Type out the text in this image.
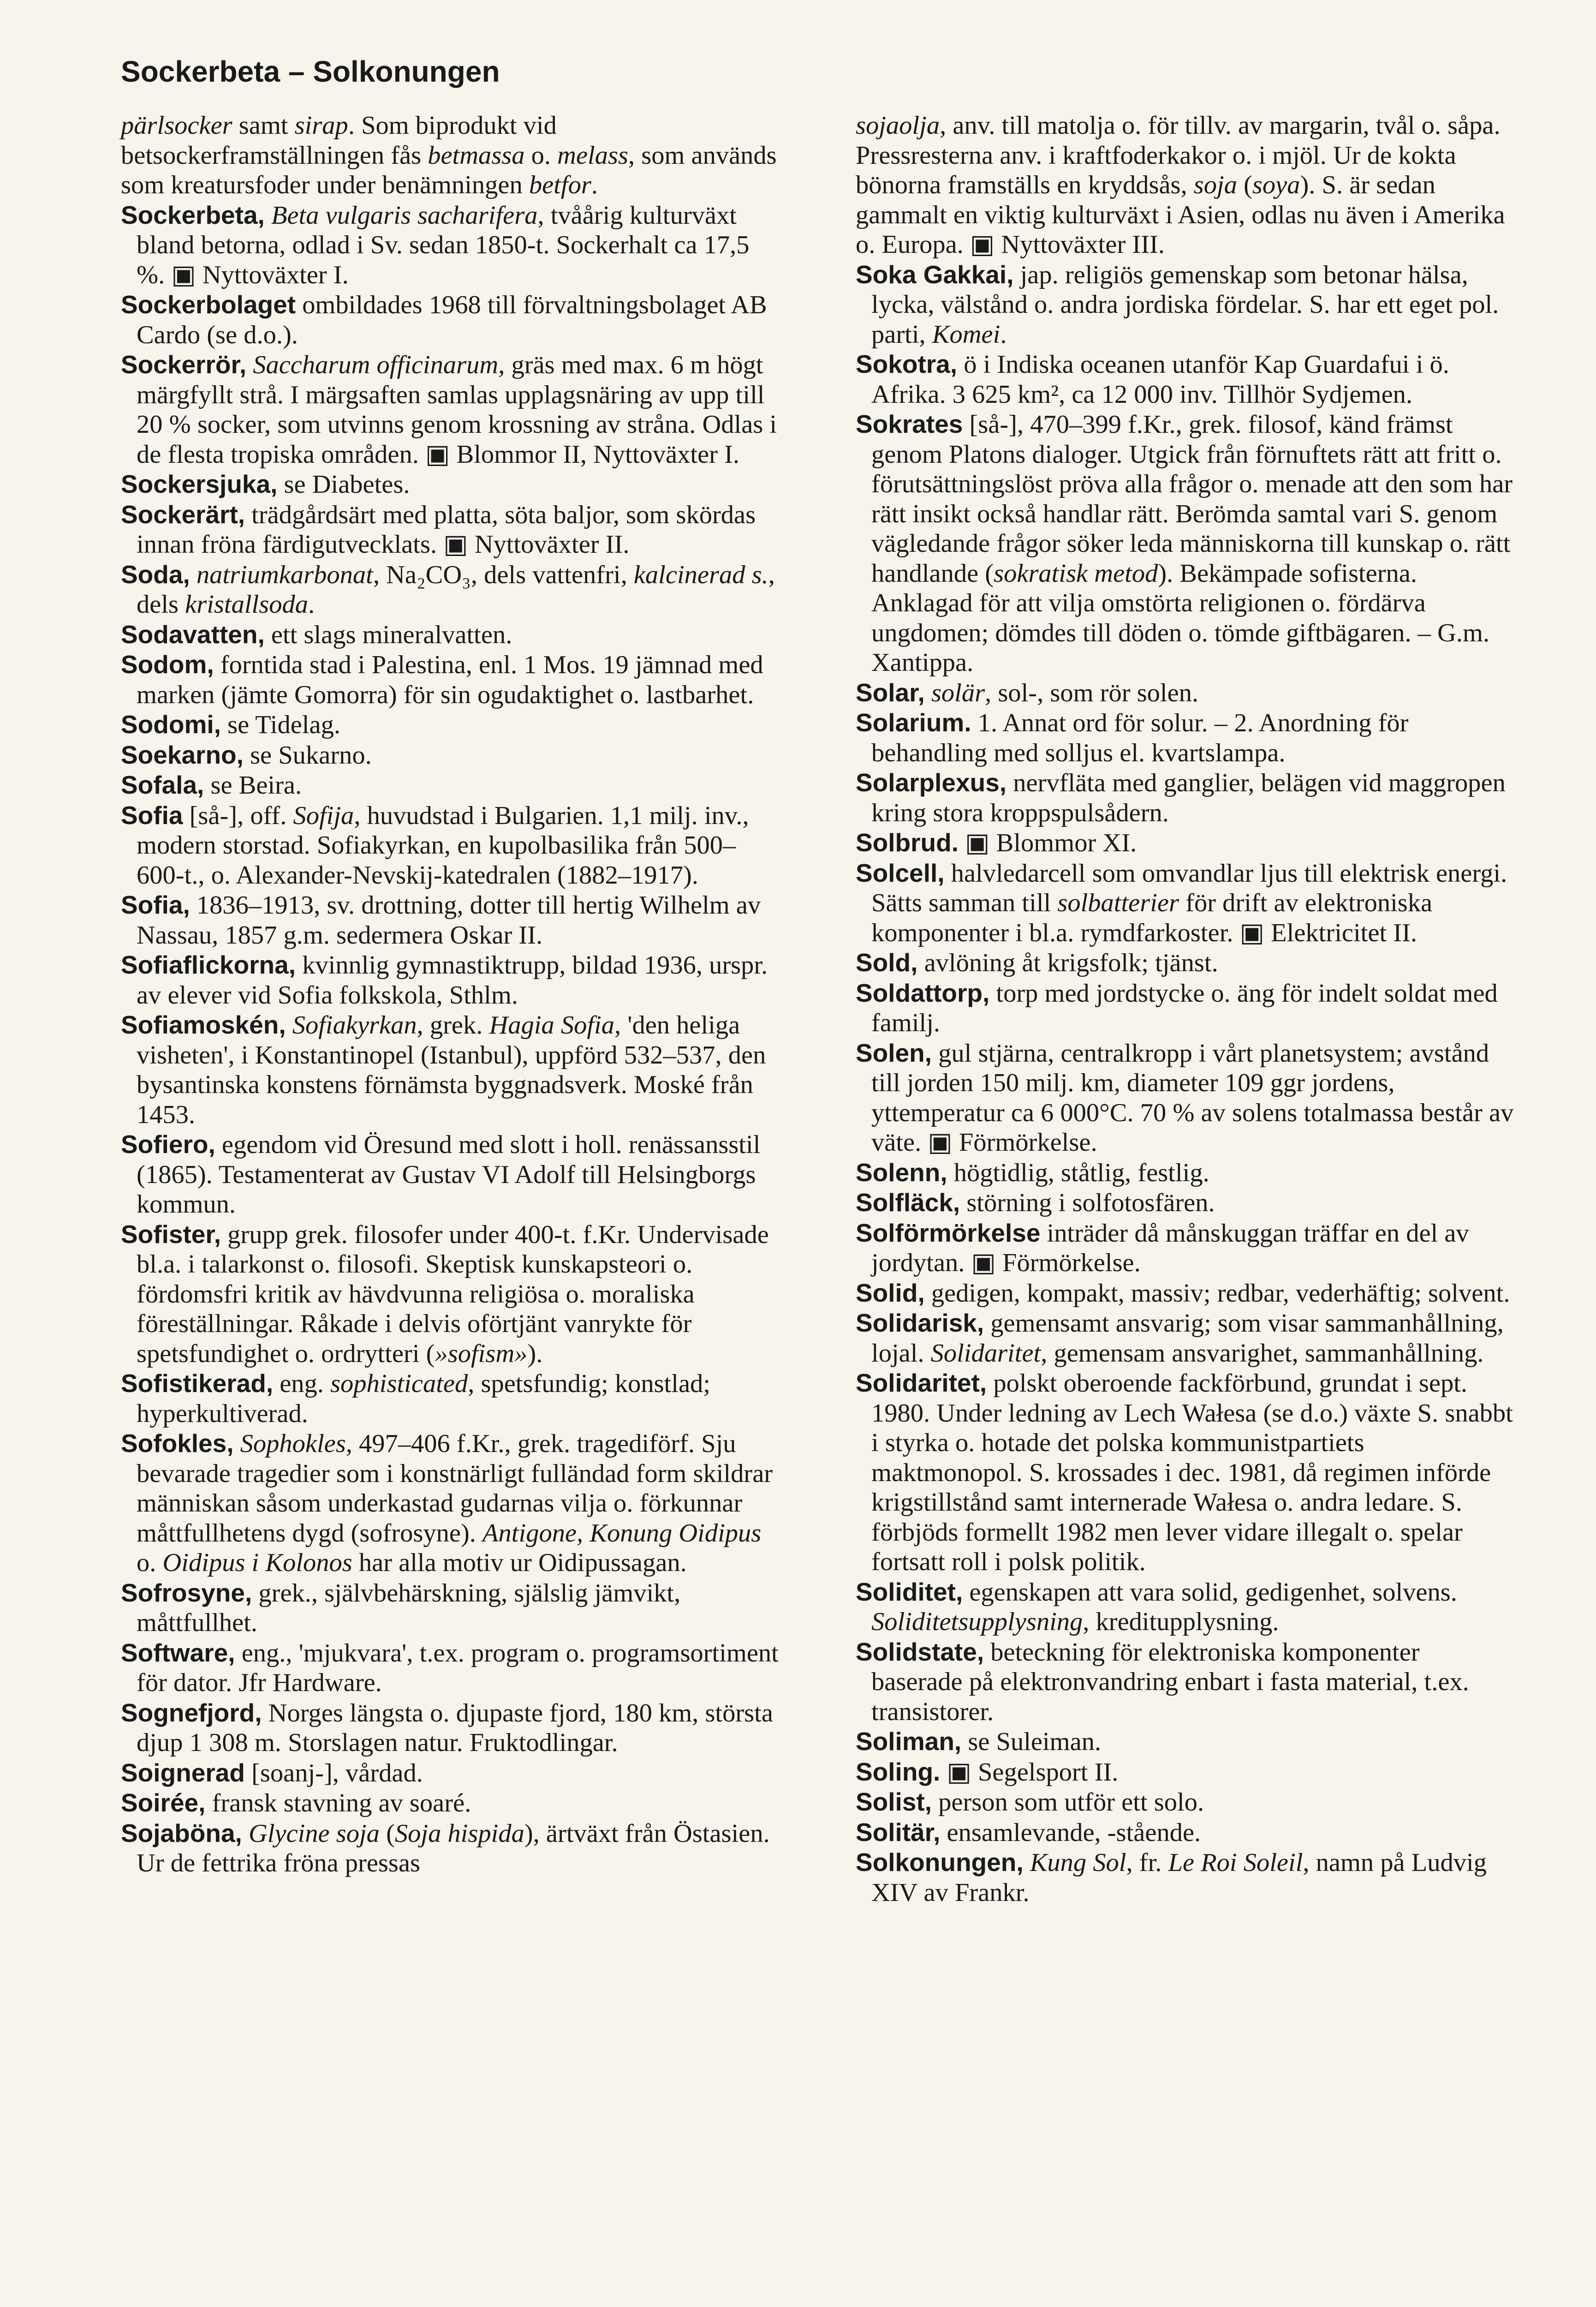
Sockerbeta – Solkonungen

pärlsocker samt sirap. Som biprodukt vid betsockerframställningen fås betmassa o. melass, som används som kreatursfoder under benämningen betfor.

Sockerbeta, Beta vulgaris sacharifera, tvåårig kulturväxt bland betorna, odlad i Sv. sedan 1850-t. Sockerhalt ca 17,5 %. ▣ Nyttoväxter I.

Sockerbolaget ombildades 1968 till förvaltningsbolaget AB Cardo (se d.o.).

Sockerrör, Saccharum officinarum, gräs med max. 6 m högt märgfyllt strå. I märgsaften samlas upplagsnäring av upp till 20 % socker, som utvinns genom krossning av stråna. Odlas i de flesta tropiska områden. ▣ Blommor II, Nyttoväxter I.

Sockersjuka, se Diabetes.

Sockerärt, trädgårdsärt med platta, söta baljor, som skördas innan fröna färdigutvecklats. ▣ Nyttoväxter II.

Soda, natriumkarbonat, Na₂CO₃, dels vattenfri, kalcinerad s., dels kristallsoda.

Sodavatten, ett slags mineralvatten.

Sodom, forntida stad i Palestina, enl. 1 Mos. 19 jämnad med marken (jämte Gomorra) för sin ogudaktighet o. lastbarhet.

Sodomi, se Tidelag.

Soekarno, se Sukarno.

Sofala, se Beira.

Sofia [så-], off. Sofija, huvudstad i Bulgarien. 1,1 milj. inv., modern storstad. Sofiakyrkan, en kupolbasilika från 500–600-t., o. Alexander-Nevskij-katedralen (1882–1917).

Sofia, 1836–1913, sv. drottning, dotter till hertig Wilhelm av Nassau, 1857 g.m. sedermera Oskar II.

Sofiaflickorna, kvinnlig gymnastiktrupp, bildad 1936, urspr. av elever vid Sofia folkskola, Sthlm.

Sofiamoskén, Sofiakyrkan, grek. Hagia Sofia, 'den heliga visheten', i Konstantinopel (Istanbul), uppförd 532–537, den bysantinska konstens förnämsta byggnadsverk. Moské från 1453.

Sofiero, egendom vid Öresund med slott i holl. renässansstil (1865). Testamenterat av Gustav VI Adolf till Helsingborgs kommun.

Sofister, grupp grek. filosofer under 400-t. f.Kr. Undervisade bl.a. i talarkonst o. filosofi. Skeptisk kunskapsteori o. fördomsfri kritik av hävdvunna religiösa o. moraliska föreställningar. Råkade i delvis oförtjänt vanrykte för spetsfundighet o. ordrytteri (»sofism»).

Sofistikerad, eng. sophisticated, spetsfundig; konstlad; hyperkultiverad.

Sofokles, Sophokles, 497–406 f.Kr., grek. tragediförf. Sju bevarade tragedier som i konstnärligt fulländad form skildrar människan såsom underkastad gudarnas vilja o. förkunnar måttfullhetens dygd (sofrosyne). Antigone, Konung Oidipus o. Oidipus i Kolonos har alla motiv ur Oidipussagan.

Sofrosyne, grek., självbehärskning, själslig jämvikt, måttfullhet.

Software, eng., 'mjukvara', t.ex. program o. programsortiment för dator. Jfr Hardware.

Sognefjord, Norges längsta o. djupaste fjord, 180 km, största djup 1 308 m. Storslagen natur. Fruktodlingar.

Soignerad [soanj-], vårdad.

Soirée, fransk stavning av soaré.

Sojaböna, Glycine soja (Soja hispida), ärtväxt från Östasien. Ur de fettrika fröna pressas

sojaolja, anv. till matolja o. för tillv. av margarin, tvål o. såpa. Pressresterna anv. i kraftfoderkakor o. i mjöl. Ur de kokta bönorna framställs en kryddsås, soja (soya). S. är sedan gammalt en viktig kulturväxt i Asien, odlas nu även i Amerika o. Europa. ▣ Nyttoväxter III.

Soka Gakkai, jap. religiös gemenskap som betonar hälsa, lycka, välstånd o. andra jordiska fördelar. S. har ett eget pol. parti, Komei.

Sokotra, ö i Indiska oceanen utanför Kap Guardafui i ö. Afrika. 3 625 km², ca 12 000 inv. Tillhör Sydjemen.

Sokrates [så-], 470–399 f.Kr., grek. filosof, känd främst genom Platons dialoger. Utgick från förnuftets rätt att fritt o. förutsättningslöst pröva alla frågor o. menade att den som har rätt insikt också handlar rätt. Berömda samtal vari S. genom vägledande frågor söker leda människorna till kunskap o. rätt handlande (sokratisk metod). Bekämpade sofisterna. Anklagad för att vilja omstörta religionen o. fördärva ungdomen; dömdes till döden o. tömde giftbägaren. – G.m. Xantippa.

Solar, solär, sol-, som rör solen.

Solarium. 1. Annat ord för solur. – 2. Anordning för behandling med solljus el. kvartslampa.

Solarplexus, nervfläta med ganglier, belägen vid maggropen kring stora kroppspulsådern.

Solbrud. ▣ Blommor XI.

Solcell, halvledarcell som omvandlar ljus till elektrisk energi. Sätts samman till solbatterier för drift av elektroniska komponenter i bl.a. rymdfarkoster. ▣ Elektricitet II.

Sold, avlöning åt krigsfolk; tjänst.

Soldattorp, torp med jordstycke o. äng för indelt soldat med familj.

Solen, gul stjärna, centralkropp i vårt planetsystem; avstånd till jorden 150 milj. km, diameter 109 ggr jordens, yttemperatur ca 6 000°C. 70 % av solens totalmassa består av väte. ▣ Förmörkelse.

Solenn, högtidlig, ståtlig, festlig.

Solfläck, störning i solfotosfären.

Solförmörkelse inträder då månskuggan träffar en del av jordytan. ▣ Förmörkelse.

Solid, gedigen, kompakt, massiv; redbar, vederhäftig; solvent.

Solidarisk, gemensamt ansvarig; som visar sammanhållning, lojal. Solidaritet, gemensam ansvarighet, sammanhållning.

Solidaritet, polskt oberoende fackförbund, grundat i sept. 1980. Under ledning av Lech Wałesa (se d.o.) växte S. snabbt i styrka o. hotade det polska kommunistpartiets maktmonopol. S. krossades i dec. 1981, då regimen införde krigstillstånd samt internerade Wałesa o. andra ledare. S. förbjöds formellt 1982 men lever vidare illegalt o. spelar fortsatt roll i polsk politik.

Soliditet, egenskapen att vara solid, gedigenhet, solvens. Soliditetsupplysning, kreditupplysning.

Solidstate, beteckning för elektroniska komponenter baserade på elektronvandring enbart i fasta material, t.ex. transistorer.

Soliman, se Suleiman.

Soling. ▣ Segelsport II.

Solist, person som utför ett solo.

Solitär, ensamlevande, -stående.

Solkonungen, Kung Sol, fr. Le Roi Soleil, namn på Ludvig XIV av Frankr.
